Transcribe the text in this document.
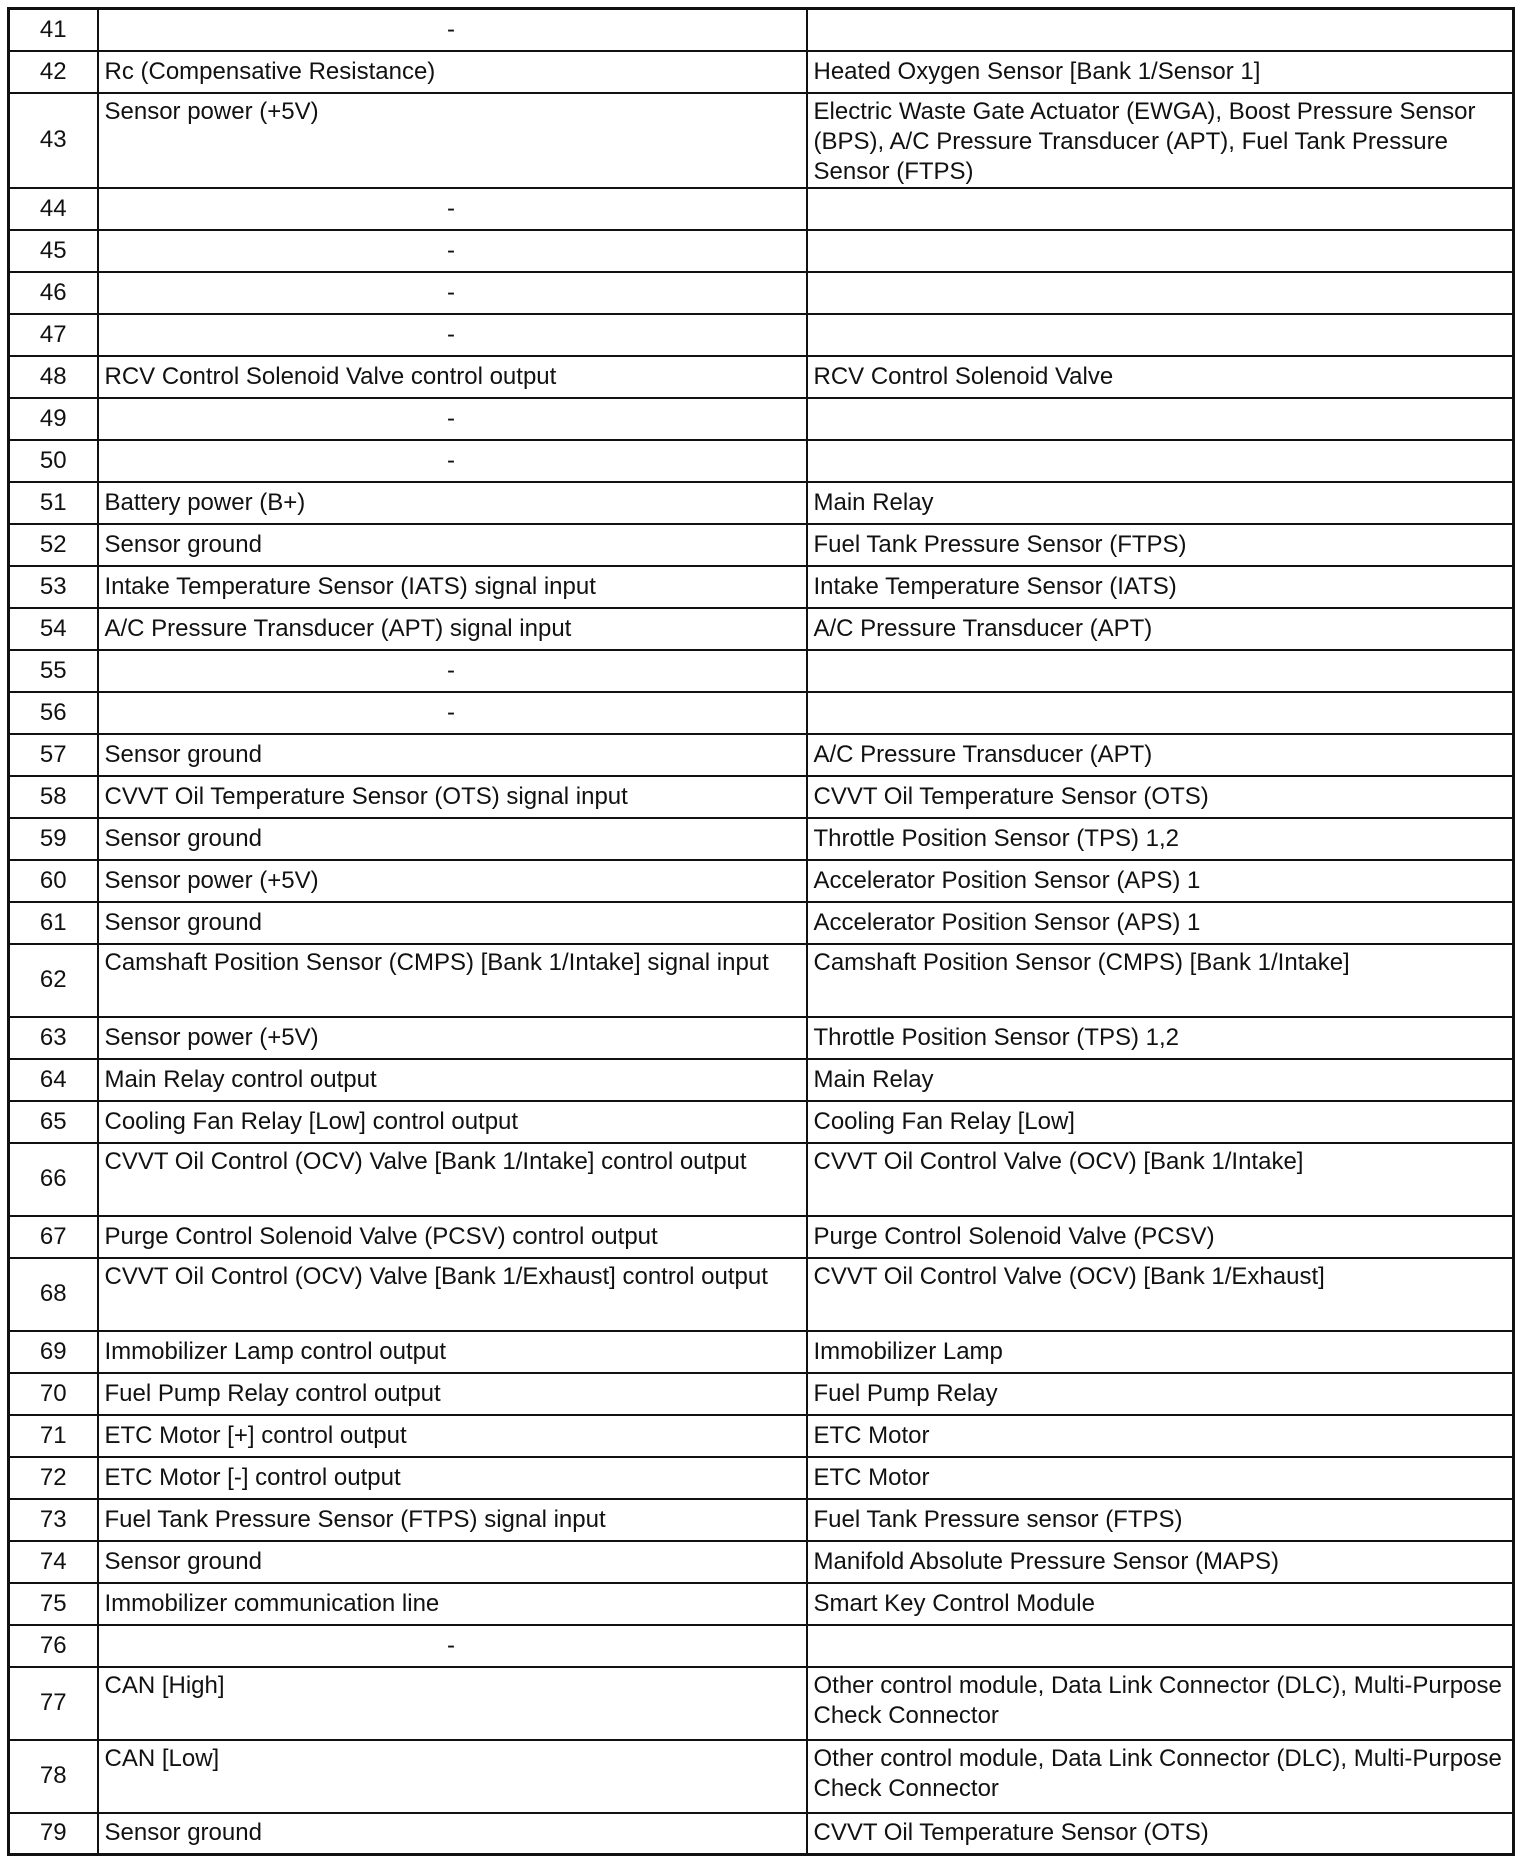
41	-	
42	Rc (Compensative Resistance)	Heated Oxygen Sensor [Bank 1/Sensor 1]
43	Sensor power (+5V)	Electric Waste Gate Actuator (EWGA), Boost Pressure Sensor (BPS), A/C Pressure Transducer (APT), Fuel Tank Pressure Sensor (FTPS)
44	-	
45	-	
46	-	
47	-	
48	RCV Control Solenoid Valve control output	RCV Control Solenoid Valve
49	-	
50	-	
51	Battery power (B+)	Main Relay
52	Sensor ground	Fuel Tank Pressure Sensor (FTPS)
53	Intake Temperature Sensor (IATS) signal input	Intake Temperature Sensor (IATS)
54	A/C Pressure Transducer (APT) signal input	A/C Pressure Transducer (APT)
55	-	
56	-	
57	Sensor ground	A/C Pressure Transducer (APT)
58	CVVT Oil Temperature Sensor (OTS) signal input	CVVT Oil Temperature Sensor (OTS)
59	Sensor ground	Throttle Position Sensor (TPS) 1,2
60	Sensor power (+5V)	Accelerator Position Sensor (APS) 1
61	Sensor ground	Accelerator Position Sensor (APS) 1
62	Camshaft Position Sensor (CMPS) [Bank 1/Intake] signal input	Camshaft Position Sensor (CMPS) [Bank 1/Intake]
63	Sensor power (+5V)	Throttle Position Sensor (TPS) 1,2
64	Main Relay control output	Main Relay
65	Cooling Fan Relay [Low] control output	Cooling Fan Relay [Low]
66	CVVT Oil Control (OCV) Valve [Bank 1/Intake] control output	CVVT Oil Control Valve (OCV) [Bank 1/Intake]
67	Purge Control Solenoid Valve (PCSV) control output	Purge Control Solenoid Valve (PCSV)
68	CVVT Oil Control (OCV) Valve [Bank 1/Exhaust] control output	CVVT Oil Control Valve (OCV) [Bank 1/Exhaust]
69	Immobilizer Lamp control output	Immobilizer Lamp
70	Fuel Pump Relay control output	Fuel Pump Relay
71	ETC Motor [+] control output	ETC Motor
72	ETC Motor [-] control output	ETC Motor
73	Fuel Tank Pressure Sensor (FTPS) signal input	Fuel Tank Pressure sensor (FTPS)
74	Sensor ground	Manifold Absolute Pressure Sensor (MAPS)
75	Immobilizer communication line	Smart Key Control Module
76	-	
77	CAN [High]	Other control module, Data Link Connector (DLC), Multi-Purpose Check Connector
78	CAN [Low]	Other control module, Data Link Connector (DLC), Multi-Purpose Check Connector
79	Sensor ground	CVVT Oil Temperature Sensor (OTS)
